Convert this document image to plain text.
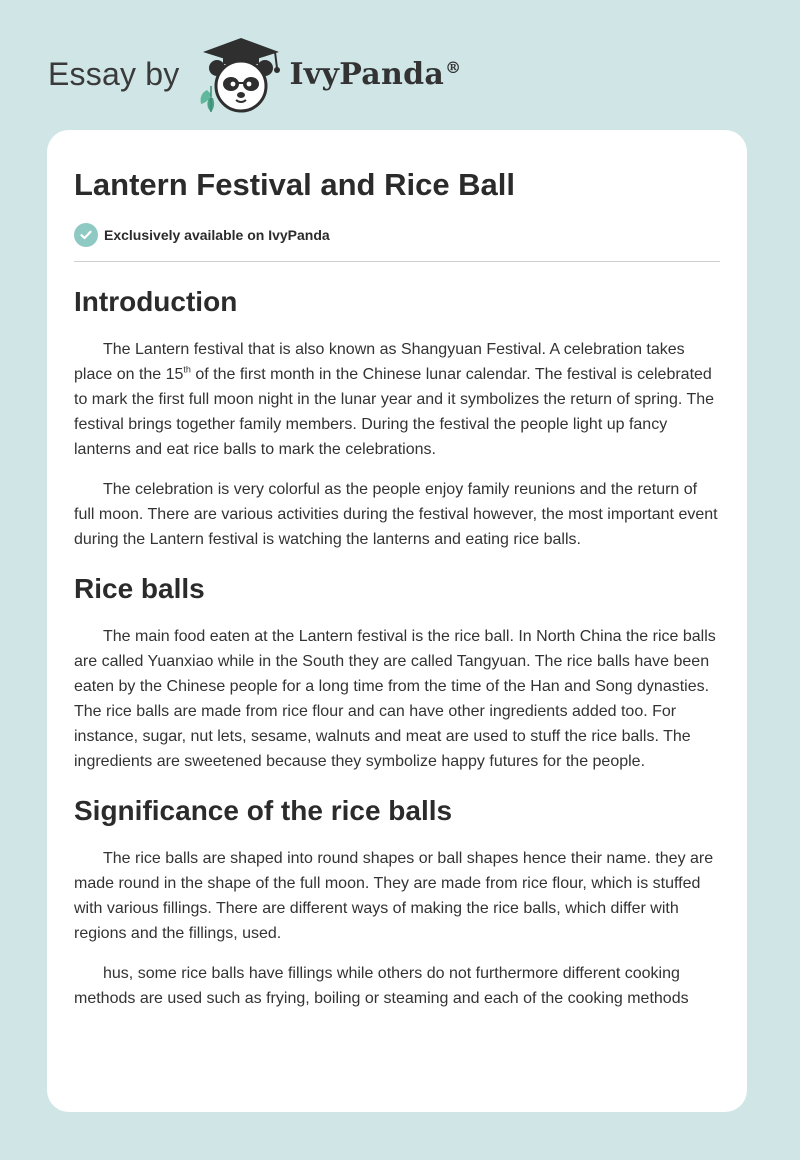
Essay by	IvyPanda®
Lantern Festival and Rice Ball
Exclusively available on IvyPanda
Introduction

The Lantern festival that is also known as Shangyuan Festival. A celebration takes place on the 15th of the first month in the Chinese lunar calendar. The festival is celebrated to mark the first full moon night in the lunar year and it symbolizes the return of spring. The festival brings together family members. During the festival the people light up fancy lanterns and eat rice balls to mark the celebrations.

The celebration is very colorful as the people enjoy family reunions and the return of full moon. There are various activities during the festival however, the most important event during the Lantern festival is watching the lanterns and eating rice balls.

Rice balls

The main food eaten at the Lantern festival is the rice ball. In North China the rice balls are called Yuanxiao while in the South they are called Tangyuan. The rice balls have been eaten by the Chinese people for a long time from the time of the Han and Song dynasties. The rice balls are made from rice flour and can have other ingredients added too. For instance, sugar, nut lets, sesame, walnuts and meat are used to stuff the rice balls. The ingredients are sweetened because they symbolize happy futures for the people.

Significance of the rice balls

The rice balls are shaped into round shapes or ball shapes hence their name. they are made round in the shape of the full moon. They are made from rice flour, which is stuffed with various fillings. There are different ways of making the rice balls, which differ with regions and the fillings, used.

hus, some rice balls have fillings while others do not furthermore different cooking methods are used such as frying, boiling or steaming and each of the cooking methods
